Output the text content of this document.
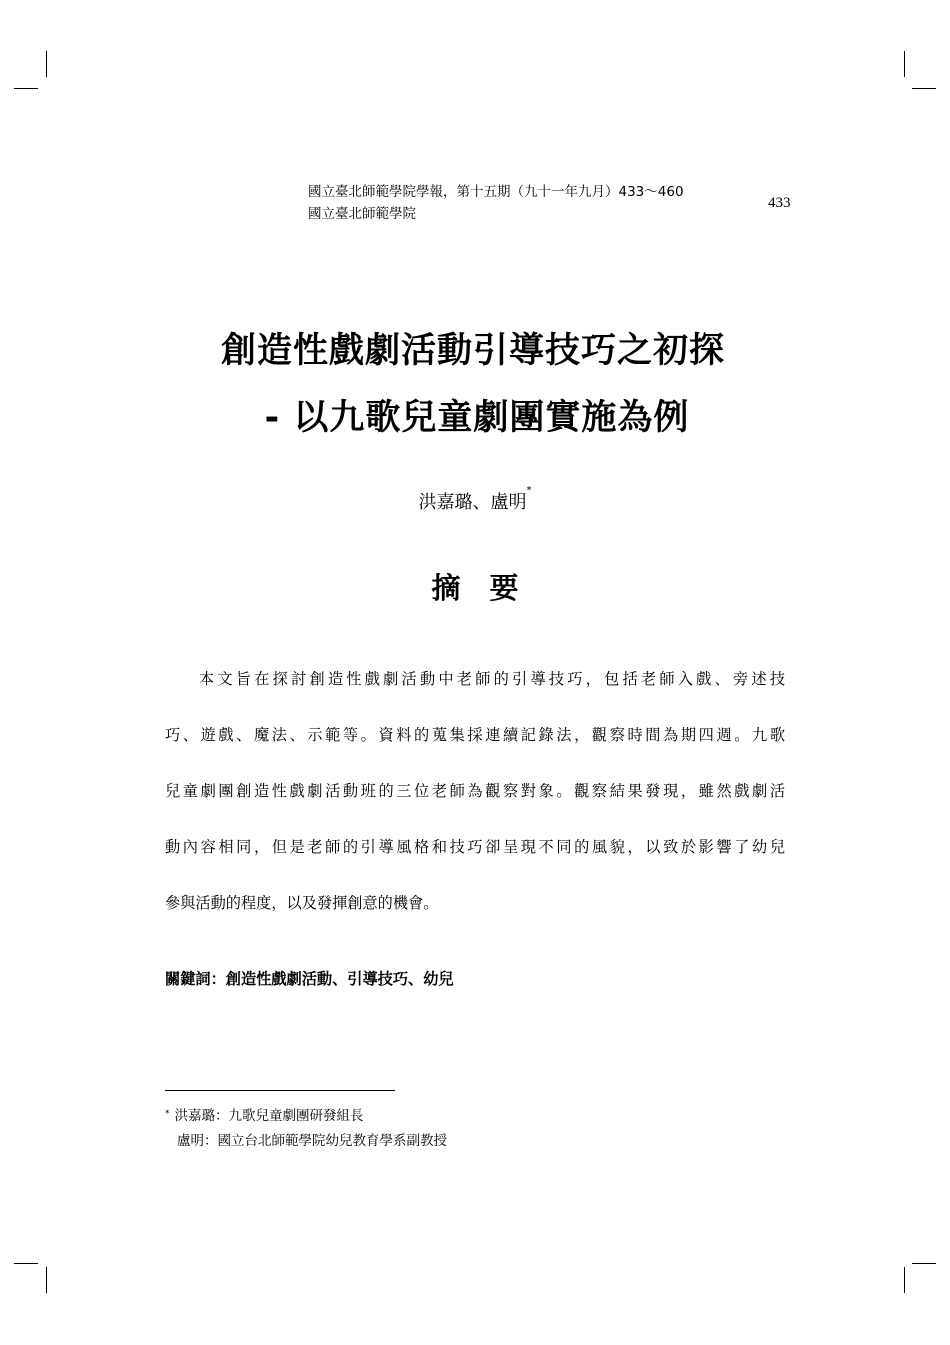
國立臺北師範學院學報，第十五期（九十一年九月）433～460
國立臺北師範學院
433
創造性戲劇活動引導技巧之初探
- 以九歌兒童劇團實施為例
洪嘉璐、盧明*
摘　要
本文旨在探討創造性戲劇活動中老師的引導技巧，包括老師入戲、旁述技
巧、遊戲、魔法、示範等。資料的蒐集採連續記錄法，觀察時間為期四週。九歌
兒童劇團創造性戲劇活動班的三位老師為觀察對象。觀察結果發現，雖然戲劇活
動內容相同，但是老師的引導風格和技巧卻呈現不同的風貌，以致於影響了幼兒
參與活動的程度，以及發揮創意的機會。
關鍵詞：創造性戲劇活動、引導技巧、幼兒
* 洪嘉璐：九歌兒童劇團研發組長
盧明：國立台北師範學院幼兒教育學系副教授
